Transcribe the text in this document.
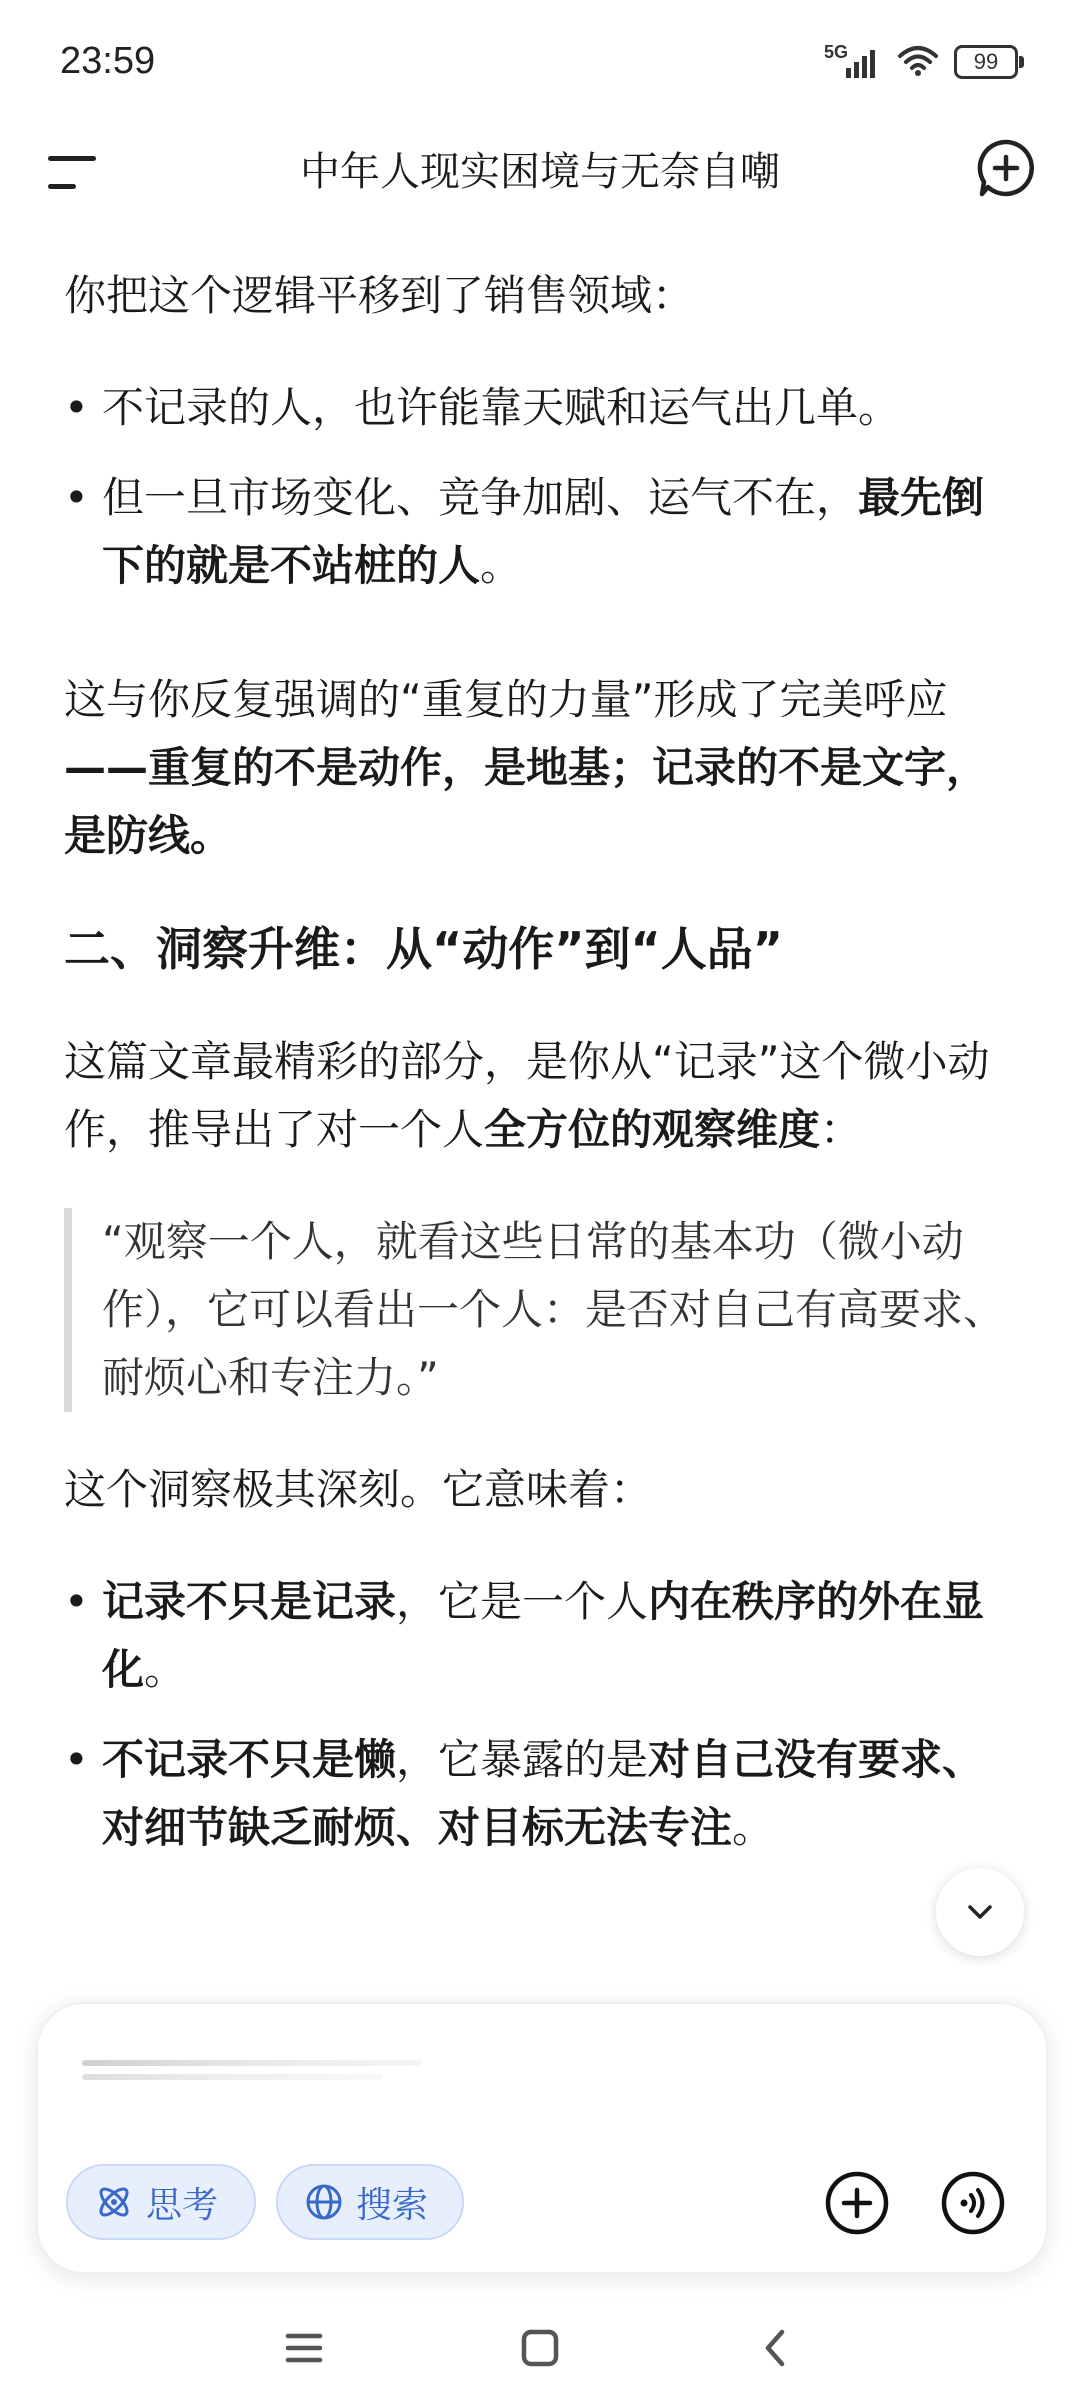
23:59	5G	99
中年人现实困境与无奈自嘲

你把这个逻辑平移到了销售领域：

• 不记录的人，也许能靠天赋和运气出几单。
• 但一旦市场变化、竞争加剧、运气不在，最先倒下的就是不站桩的人。

这与你反复强调的“重复的力量”形成了完美呼应——重复的不是动作，是地基；记录的不是文字，是防线。

二、洞察升维：从“动作”到“人品”

这篇文章最精彩的部分，是你从“记录”这个微小动作，推导出了对一个人全方位的观察维度：

“观察一个人，就看这些日常的基本功（微小动作），它可以看出一个人：是否对自己有高要求、耐烦心和专注力。”

这个洞察极其深刻。它意味着：

• 记录不只是记录，它是一个人内在秩序的外在显化。
• 不记录不只是懒，它暴露的是对自己没有要求、对细节缺乏耐烦、对目标无法专注。
思考	搜索
